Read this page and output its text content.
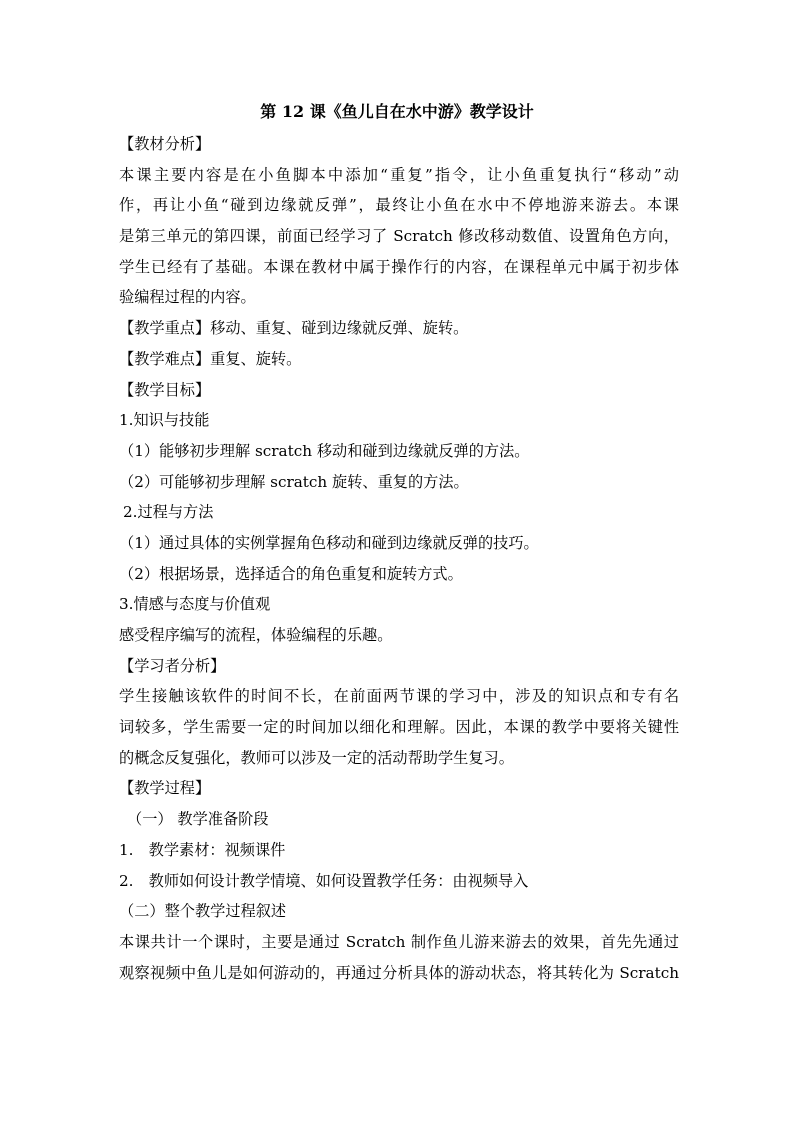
第 12 课《鱼儿自在水中游》教学设计
【教材分析】
本课主要内容是在小鱼脚本中添加“重复”指令，让小鱼重复执行“移动”动
作，再让小鱼“碰到边缘就反弹”，最终让小鱼在水中不停地游来游去。本课
是第三单元的第四课，前面已经学习了 Scratch 修改移动数值、设置角色方向，
学生已经有了基础。本课在教材中属于操作行的内容，在课程单元中属于初步体
验编程过程的内容。
【教学重点】移动、重复、碰到边缘就反弹、旋转。
【教学难点】重复、旋转。
【教学目标】
1.知识与技能
（1）能够初步理解 scratch 移动和碰到边缘就反弹的方法。
（2）可能够初步理解 scratch 旋转、重复的方法。
2.过程与方法
（1）通过具体的实例掌握角色移动和碰到边缘就反弹的技巧。
（2）根据场景，选择适合的角色重复和旋转方式。
3.情感与态度与价值观
感受程序编写的流程，体验编程的乐趣。
【学习者分析】
学生接触该软件的时间不长，在前面两节课的学习中，涉及的知识点和专有名
词较多，学生需要一定的时间加以细化和理解。因此，本课的教学中要将关键性
的概念反复强化，教师可以涉及一定的活动帮助学生复习。
【教学过程】
（一） 教学准备阶段
1.　教学素材：视频课件
2.　教师如何设计教学情境、如何设置教学任务：由视频导入
（二）整个教学过程叙述
本课共计一个课时，主要是通过 Scratch 制作鱼儿游来游去的效果，首先先通过
观察视频中鱼儿是如何游动的，再通过分析具体的游动状态，将其转化为 Scratch
